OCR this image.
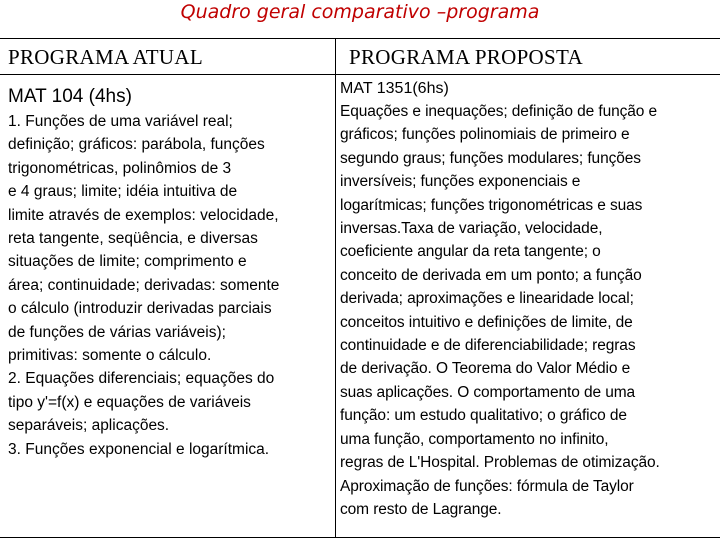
Quadro geral comparativo –programa
PROGRAMA ATUAL	PROGRAMA PROPOSTA
MAT 104 (4hs)	MAT 1351(6hs)
1. Funções de uma variável real;
definição; gráficos: parábola, funções
trigonométricas, polinômios de 3
e 4 graus; limite; idéia intuitiva de
limite através de exemplos: velocidade,
reta tangente, seqüência, e diversas
situações de limite; comprimento e
área; continuidade; derivadas: somente
o cálculo (introduzir derivadas parciais
de funções de várias variáveis);
primitivas: somente o cálculo.
2. Equações diferenciais; equações do
tipo y'=f(x) e equações de variáveis
separáveis; aplicações.
3. Funções exponencial e logarítmica.
Equações e inequações; definição de função e
gráficos; funções polinomiais de primeiro e
segundo graus; funções modulares; funções
inversíveis; funções exponenciais e
logarítmicas; funções trigonométricas e suas
inversas.Taxa de variação, velocidade,
coeficiente angular da reta tangente; o
conceito de derivada em um ponto; a função
derivada; aproximações e linearidade local;
conceitos intuitivo e definições de limite, de
continuidade e de diferenciabilidade; regras
de derivação. O Teorema do Valor Médio e
suas aplicações. O comportamento de uma
função: um estudo qualitativo; o gráfico de
uma função, comportamento no infinito,
regras de L'Hospital. Problemas de otimização.
Aproximação de funções: fórmula de Taylor
com resto de Lagrange.
